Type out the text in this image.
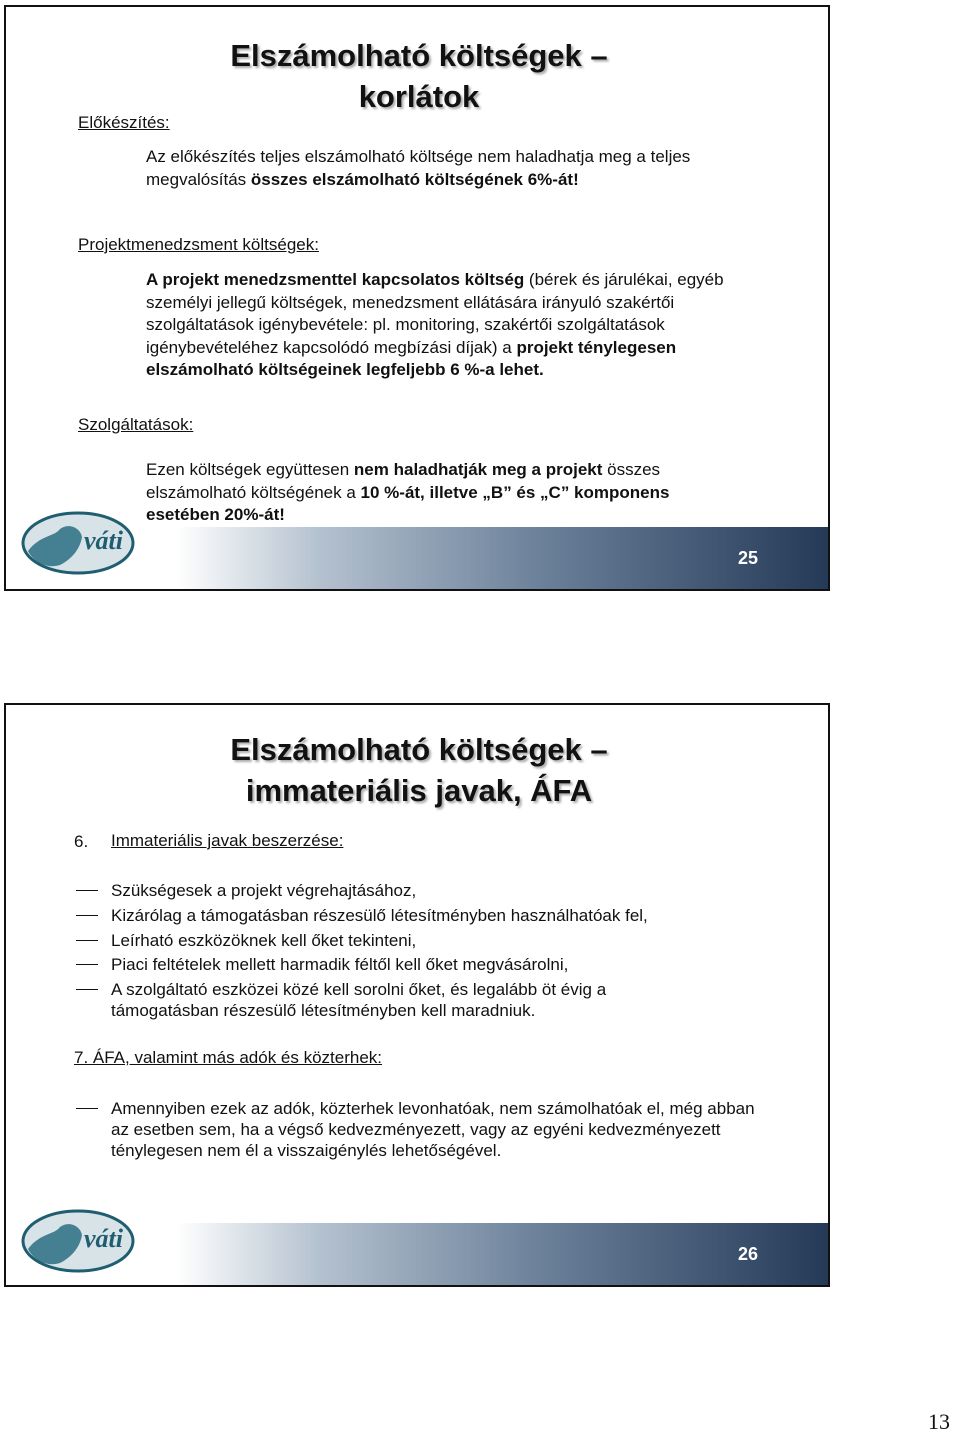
Elszámolható költségek –
korlátok
Előkészítés:
Az előkészítés teljes elszámolható költsége nem haladhatja meg a teljes megvalósítás összes elszámolható költségének 6%-át!
Projektmenedzsment költségek:
A projekt menedzsmenttel kapcsolatos költség (bérek és járulékai, egyéb személyi jellegű költségek, menedzsment ellátására irányuló szakértői szolgáltatások igénybevétele: pl. monitoring, szakértői szolgáltatások igénybevételéhez kapcsolódó megbízási díjak) a projekt ténylegesen elszámolható költségeinek legfeljebb 6 %-a lehet.
Szolgáltatások:
Ezen költségek együttesen nem haladhatják meg a projekt összes elszámolható költségének a 10 %-át, illetve „B” és „C” komponens esetében 20%-át!
váti
25
Elszámolható költségek –
immateriális javak, ÁFA
6. Immateriális javak beszerzése:
Szükségesek a projekt végrehajtásához,
Kizárólag a támogatásban részesülő létesítményben használhatóak fel,
Leírható eszközöknek kell őket tekinteni,
Piaci feltételek mellett harmadik féltől kell őket megvásárolni,
A szolgáltató eszközei közé kell sorolni őket, és legalább öt évig a támogatásban részesülő létesítményben kell maradniuk.
7. ÁFA, valamint más adók és közterhek:
Amennyiben ezek az adók, közterhek levonhatóak, nem számolhatóak el, még abban az esetben sem, ha a végső kedvezményezett, vagy az egyéni kedvezményezett ténylegesen nem él a visszaigénylés lehetőségével.
váti
26
13
